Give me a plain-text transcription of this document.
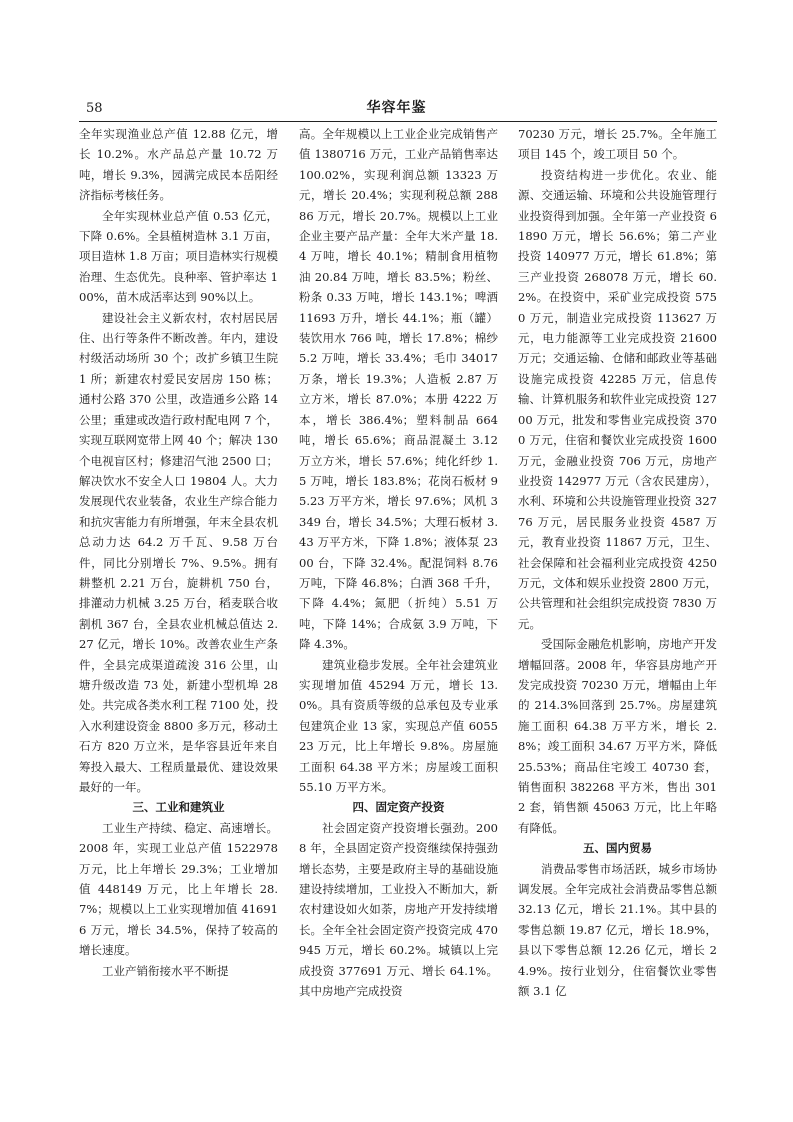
58	华容年鉴

全年实现渔业总产值 12.88 亿元，增长 10.2%。水产品总产量 10.72 万吨，增长 9.3%，园满完成民本岳阳经济指标考核任务。

全年实现林业总产值 0.53 亿元，下降 0.6%。全县植树造林 3.1 万亩，项目造林 1.8 万亩；项目造林实行规模治理、生态优先。良种率、管护率达 100%，苗木成活率达到 90%以上。

建设社会主义新农村，农村居民居住、出行等条件不断改善。年内，建设村级活动场所 30 个；改扩乡镇卫生院 1 所；新建农村爱民安居房 150 栋；通村公路 370 公里，改造通乡公路 14 公里；重建或改造行政村配电网 7 个，实现互联网宽带上网 40 个；解决 130 个电视盲区村；修建沼气池 2500 口；解决饮水不安全人口 19804 人。大力发展现代农业装备，农业生产综合能力和抗灾害能力有所增强，年末全县农机总动力达 64.2 万千瓦、9.58 万台件，同比分别增长 7%、9.5%。拥有耕整机 2.21 万台，旋耕机 750 台，排灌动力机械 3.25 万台，稻麦联合收割机 367 台，全县农业机械总值达 2.27 亿元，增长 10%。改善农业生产条件，全县完成渠道疏浚 316 公里，山塘升级改造 73 处，新建小型机埠 28 处。共完成各类水利工程 7100 处，投入水利建设资金 8800 多万元，移动土石方 820 万立米，是华容县近年来自筹投入最大、工程质量最优、建设效果最好的一年。

三、工业和建筑业

工业生产持续、稳定、高速增长。2008 年，实现工业总产值 1522978 万元，比上年增长 29.3%；工业增加值 448149 万元，比上年增长 28.7%；规模以上工业实现增加值 416916 万元，增长 34.5%，保持了较高的增长速度。

工业产销衔接水平不断提

高。全年规模以上工业企业完成销售产值 1380716 万元，工业产品销售率达 100.02%，实现利润总额 13323 万元，增长 20.4%；实现利税总额 28886 万元，增长 20.7%。规模以上工业企业主要产品产量：全年大米产量 18.4 万吨，增长 40.1%；精制食用植物油 20.84 万吨，增长 83.5%；粉丝、粉条 0.33 万吨，增长 143.1%；啤酒 11693 万升，增长 44.1%；瓶（罐）装饮用水 766 吨，增长 17.8%；棉纱 5.2 万吨，增长 33.4%；毛巾 34017 万条，增长 19.3%；人造板 2.87 万立方米，增长 87.0%；本册 4222 万本，增长 386.4%；塑料制品 664 吨，增长 65.6%；商品混凝土 3.12 万立方米，增长 57.6%；纯化纤纱 1.5 万吨，增长 183.8%；花岗石板材 95.23 万平方米，增长 97.6%；风机 3349 台，增长 34.5%；大理石板材 3.43 万平方米，下降 1.8%；液体泵 2300 台，下降 32.4%。配混饲料 8.76 万吨，下降 46.8%；白酒 368 千升，下降 4.4%；氮肥（折纯）5.51 万吨，下降 14%；合成氨 3.9 万吨，下降 4.3%。

建筑业稳步发展。全年社会建筑业实现增加值 45294 万元，增长 13.0%。具有资质等级的总承包及专业承包建筑企业 13 家，实现总产值 605523 万元，比上年增长 9.8%。房屋施工面积 64.38 平方米；房屋竣工面积 55.10 万平方米。

四、固定资产投资

社会固定资产投资增长强劲。2008 年，全县固定资产投资继续保持强劲增长态势，主要是政府主导的基础设施建设持续增加，工业投入不断加大，新农村建设如火如荼，房地产开发持续增长。全年全社会固定资产投资完成 470945 万元，增长 60.2%。城镇以上完成投资 377691 万元、增长 64.1%。其中房地产完成投资

70230 万元，增长 25.7%。全年施工项目 145 个，竣工项目 50 个。

投资结构进一步优化。农业、能源、交通运输、环境和公共设施管理行业投资得到加强。全年第一产业投资 61890 万元，增长 56.6%；第二产业投资 140977 万元，增长 61.8%；第三产业投资 268078 万元，增长 60.2%。在投资中，采矿业完成投资 5750 万元，制造业完成投资 113627 万元，电力能源等工业完成投资 21600 万元；交通运输、仓储和邮政业等基础设施完成投资 42285 万元，信息传输、计算机服务和软件业完成投资 12700 万元，批发和零售业完成投资 3700 万元，住宿和餐饮业完成投资 1600 万元，金融业投资 706 万元，房地产业投资 142977 万元（含农民建房），水利、环境和公共设施管理业投资 32776 万元，居民服务业投资 4587 万元，教育业投资 11867 万元，卫生、社会保障和社会福利业完成投资 4250 万元，文体和娱乐业投资 2800 万元，公共管理和社会组织完成投资 7830 万元。

受国际金融危机影响，房地产开发增幅回落。2008 年，华容县房地产开发完成投资 70230 万元，增幅由上年的 214.3%回落到 25.7%。房屋建筑施工面积 64.38 万平方米，增长 2.8%；竣工面积 34.67 万平方米，降低 25.53%；商品住宅竣工 40730 套，销售面积 382268 平方米，售出 3012 套，销售额 45063 万元，比上年略有降低。

五、国内贸易

消费品零售市场活跃，城乡市场协调发展。全年完成社会消费品零售总额 32.13 亿元，增长 21.1%。其中县的零售总额 19.87 亿元，增长 18.9%，县以下零售总额 12.26 亿元，增长 24.9%。按行业划分，住宿餐饮业零售额 3.1 亿
